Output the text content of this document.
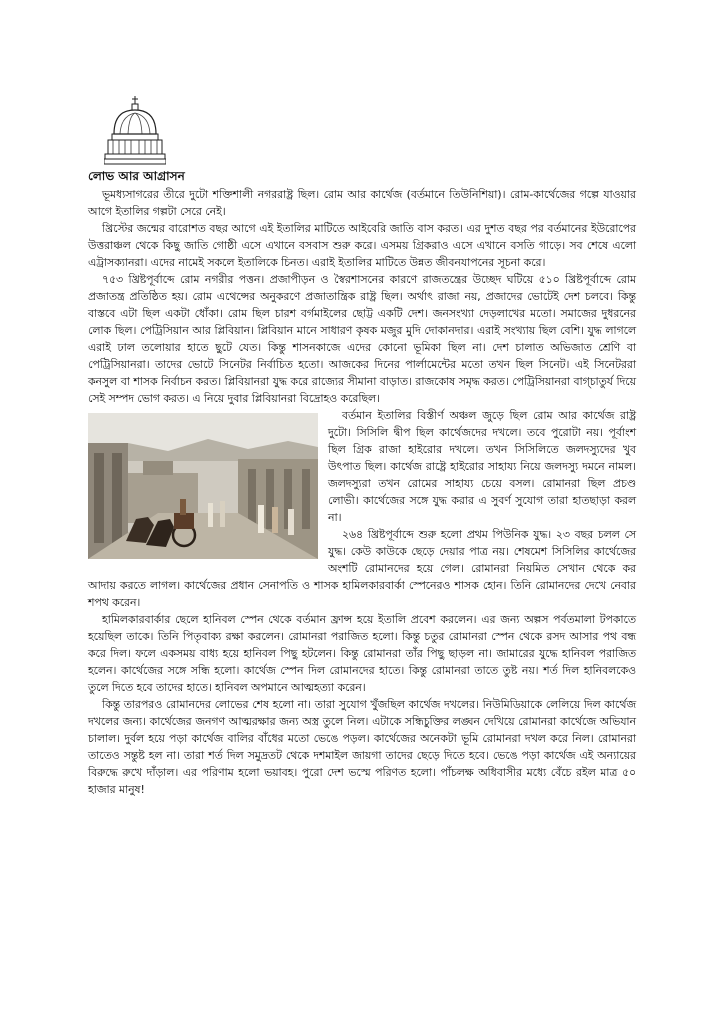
লোভ আর আগ্রাসন

ভূমধ্যসাগরের তীরে দুটো শক্তিশালী নগররাষ্ট্র ছিল। রোম আর কার্থেজ (বর্তমানে তিউনিশিয়া)। রোম-কার্থেজের গল্পে যাওয়ার আগে ইতালির গল্পটা সেরে নেই।

খ্রিস্টের জন্মের বারোশত বছর আগে এই ইতালির মাটিতে আইবেরি জাতি বাস করত। এর দুশত বছর পর বর্তমানের ইউরোপের উত্তরাঞ্চল থেকে কিছু জাতি গোষ্ঠী এসে এখানে বসবাস শুরু করে। এসময় গ্রিকরাও এসে এখানে বসতি গাড়ে। সব শেষে এলো এট্রাসক্যানরা। এদের নামেই সকলে ইতালিকে চিনত। এরাই ইতালির মাটিতে উন্নত জীবনযাপনের সূচনা করে।

৭৫৩ খ্রিষ্টপূর্বাব্দে রোম নগরীর পত্তন। প্রজাপীড়ন ও স্বৈরশাসনের কারণে রাজতন্ত্রের উচ্ছেদ ঘটিয়ে ৫১০ খ্রিষ্টপূর্বাব্দে রোম প্রজাতন্ত্র প্রতিষ্ঠিত হয়। রোম এথেন্সের অনুকরণে প্রজাতান্ত্রিক রাষ্ট্র ছিল। অর্থাৎ রাজা নয়, প্রজাদের ভোটেই দেশ চলবে। কিন্তু বাস্তবে এটা ছিল একটা ধোঁকা। রোম ছিল চারশ বর্গমাইলের ছোট্ট একটি দেশ। জনসংখ্যা দেড়লাখের মতো। সমাজের দুধরনের লোক ছিল। পেট্রিসিয়ান আর প্লিবিয়ান। প্লিবিয়ান মানে সাধারণ কৃষক মজুর মুদি দোকানদার। এরাই সংখ্যায় ছিল বেশি। যুদ্ধ লাগলে এরাই ঢাল তলোয়ার হাতে ছুটে যেত। কিন্তু শাসনকাজে এদের কোনো ভূমিকা ছিল না। দেশ চালাত অভিজাত শ্রেণি বা পেট্রিসিয়ানরা। তাদের ভোটে সিনেটর নির্বাচিত হতো। আজকের দিনের পার্লামেন্টের মতো তখন ছিল সিনেট। এই সিনেটররা কনসুল বা শাসক নির্বাচন করত। প্লিবিয়ানরা যুদ্ধ করে রাজ্যের সীমানা বাড়াত। রাজকোষ সমৃদ্ধ করত। পেট্রিসিয়ানরা বাগ্‌চাতুর্য দিয়ে সেই সম্পদ ভোগ করত। এ নিয়ে দুবার প্লিবিয়ানরা বিদ্রোহও করেছিল।

বর্তমান ইতালির বিস্তীর্ণ অঞ্চল জুড়ে ছিল রোম আর কার্থেজ রাষ্ট্র দুটো। সিসিলি দ্বীপ ছিল কার্থেজদের দখলে। তবে পুরোটা নয়। পূর্বাংশ ছিল গ্রিক রাজা হাইরোর দখলে। তখন সিসিলিতে জলদস্যুদের খুব উৎপাত ছিল। কার্থেজ রাষ্ট্রে হাইরোর সাহায্য নিয়ে জলদস্যু দমনে নামল। জলদস্যুরা তখন রোমের সাহায্য চেয়ে বসল। রোমানরা ছিল প্রচণ্ড লোভী। কার্থেজের সঙ্গে যুদ্ধ করার এ সুবর্ণ সুযোগ তারা হাতছাড়া করল না।

২৬৪ খ্রিষ্টপূর্বাব্দে শুরু হলো প্রথম পিউনিক যুদ্ধ। ২৩ বছর চলল সে যুদ্ধ। কেউ কাউকে ছেড়ে দেয়ার পাত্র নয়। শেষমেশ সিসিলির কার্থেজের অংশটি রোমানদের হয়ে গেল। রোমানরা নিয়মিত সেখান থেকে কর আদায় করতে লাগল। কার্থেজের প্রধান সেনাপতি ও শাসক হামিলকারবার্কা স্পেনেরও শাসক হোন। তিনি রোমানদের দেখে নেবার শপথ করেন।

হামিলকারবার্কার ছেলে হানিবল স্পেন থেকে বর্তমান ফ্রান্স হয়ে ইতালি প্রবেশ করলেন। এর জন্য অল্পস পর্বতমালা টপকাতে হয়েছিল তাকে। তিনি পিতৃবাক্য রক্ষা করলেন। রোমানরা পরাজিত হলো। কিন্তু চতুর রোমানরা স্পেন থেকে রসদ আসার পথ বন্ধ করে দিল। ফলে একসময় বাধ্য হয়ে হানিবল পিছু হটলেন। কিন্তু রোমানরা তাঁর পিছু ছাড়ল না। জামারের যুদ্ধে হানিবল পরাজিত হলেন। কার্থেজের সঙ্গে সন্ধি হলো। কার্থেজ স্পেন দিল রোমানদের হাতে। কিন্তু রোমানরা তাতে তুষ্ট নয়। শর্ত দিল হানিবলকেও তুলে দিতে হবে তাদের হাতে। হানিবল অপমানে আত্মহত্যা করেন।

কিন্তু তারপরও রোমানদের লোভের শেষ হলো না। তারা সুযোগ খুঁজছিল কার্থেজ দখলের। নিউমিডিয়াকে লেলিয়ে দিল কার্থেজ দখলের জন্য। কার্থেজের জনগণ আত্মরক্ষার জন্য অস্ত্র তুলে নিল। এটাকে সন্ধিচুক্তির লঙ্ঘন দেখিয়ে রোমানরা কার্থেজে অভিযান চালাল। দুর্বল হয়ে পড়া কার্থেজ বালির বাঁধের মতো ভেঙে পড়ল। কার্থেজের অনেকটা ভূমি রোমানরা দখল করে নিল। রোমানরা তাতেও সন্তুষ্ট হল না। তারা শর্ত দিল সমুদ্রতট থেকে দশমাইল জায়গা তাদের ছেড়ে দিতে হবে। ভেঙে পড়া কার্থেজ এই অন্যায়ের বিরুদ্ধে রুখে দাঁড়াল। এর পরিণাম হলো ভয়াবহ। পুরো দেশ ভস্মে পরিণত হলো। পাঁচলক্ষ অধিবাসীর মধ্যে বেঁচে রইল মাত্র ৫০ হাজার মানুষ!
